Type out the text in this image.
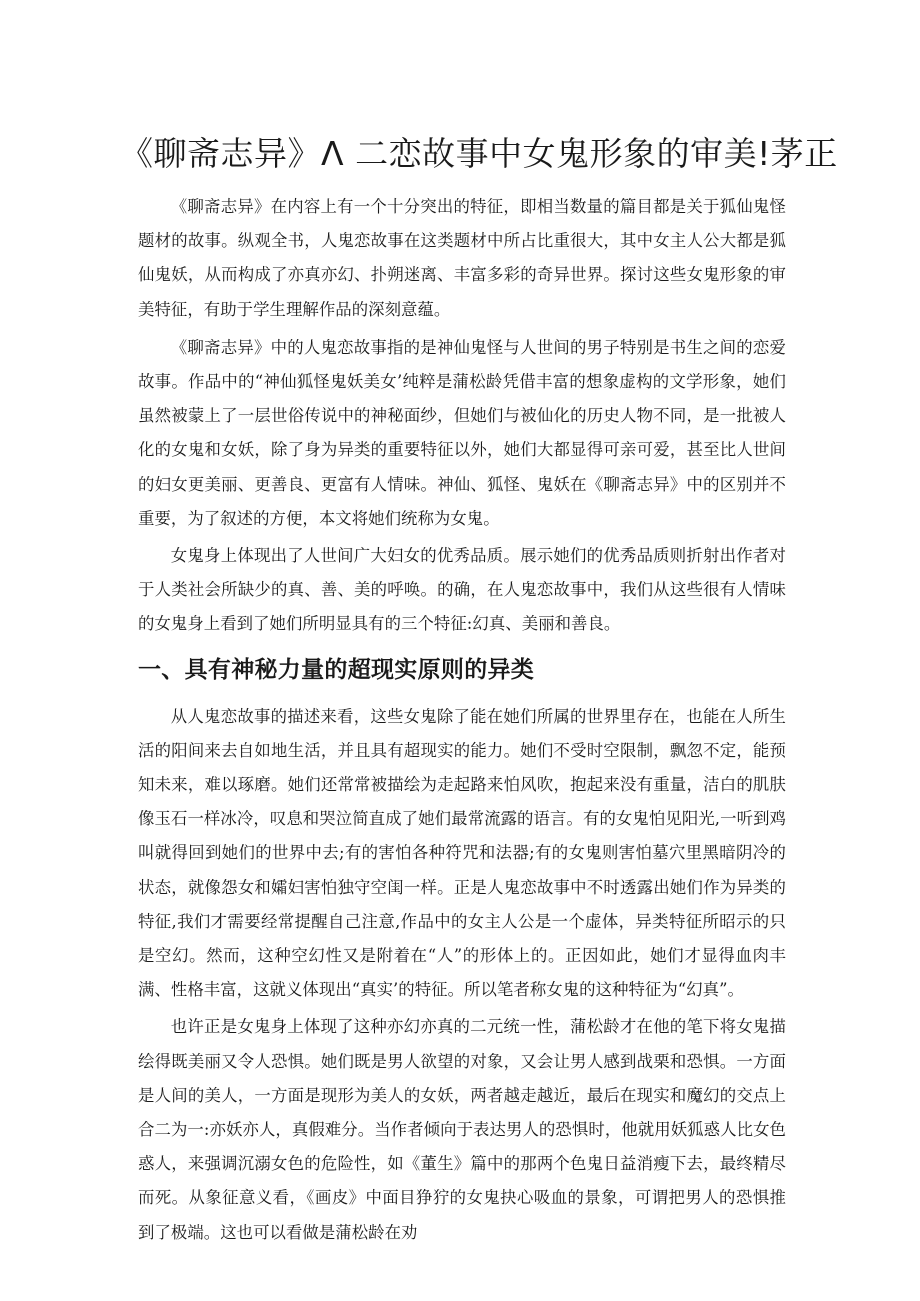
《聊斋志异》Λ 二恋故事中女鬼形象的审美!茅正

《聊斋志异》在内容上有一个十分突出的特征，即相当数量的篇目都是关于狐仙鬼怪题材的故事。纵观全书，人鬼恋故事在这类题材中所占比重很大，其中女主人公大都是狐仙鬼妖，从而构成了亦真亦幻、扑朔迷离、丰富多彩的奇异世界。探讨这些女鬼形象的审美特征，有助于学生理解作品的深刻意蕴。

《聊斋志异》中的人鬼恋故事指的是神仙鬼怪与人世间的男子特别是书生之间的恋爱故事。作品中的“神仙狐怪鬼妖美女’纯粹是蒲松龄凭借丰富的想象虚构的文学形象，她们虽然被蒙上了一层世俗传说中的神秘面纱，但她们与被仙化的历史人物不同，是一批被人化的女鬼和女妖，除了身为异类的重要特征以外，她们大都显得可亲可爱，甚至比人世间的妇女更美丽、更善良、更富有人情味。神仙、狐怪、鬼妖在《聊斋志异》中的区别并不重要，为了叙述的方便，本文将她们统称为女鬼。

女鬼身上体现出了人世间广大妇女的优秀品质。展示她们的优秀品质则折射出作者对于人类社会所缺少的真、善、美的呼唤。的确，在人鬼恋故事中，我们从这些很有人情味的女鬼身上看到了她们所明显具有的三个特征:幻真、美丽和善良。

一、具有神秘力量的超现实原则的异类

从人鬼恋故事的描述来看，这些女鬼除了能在她们所属的世界里存在，也能在人所生活的阳间来去自如地生活，并且具有超现实的能力。她们不受时空限制，飘忽不定，能预知未来，难以琢磨。她们还常常被描绘为走起路来怕风吹，抱起来没有重量，洁白的肌肤像玉石一样冰冷，叹息和哭泣简直成了她们最常流露的语言。有的女鬼怕见阳光,一听到鸡叫就得回到她们的世界中去;有的害怕各种符咒和法器;有的女鬼则害怕墓穴里黑暗阴冷的状态，就像怨女和孀妇害怕独守空闺一样。正是人鬼恋故事中不时透露出她们作为异类的特征,我们才需要经常提醒自己注意,作品中的女主人公是一个虚体，异类特征所昭示的只是空幻。然而，这种空幻性又是附着在“人”的形体上的。正因如此，她们才显得血肉丰满、性格丰富，这就义体现出“真实’的特征。所以笔者称女鬼的这种特征为“幻真”。

也许正是女鬼身上体现了这种亦幻亦真的二元统一性，蒲松龄才在他的笔下将女鬼描绘得既美丽又令人恐惧。她们既是男人欲望的对象，又会让男人感到战栗和恐惧。一方面是人间的美人，一方面是现形为美人的女妖，两者越走越近，最后在现实和魔幻的交点上合二为一:亦妖亦人，真假难分。当作者倾向于表达男人的恐惧时，他就用妖狐惑人比女色惑人，来强调沉溺女色的危险性，如《董生》篇中的那两个色鬼日益消瘦下去，最终精尽而死。从象征意义看，《画皮》中面目狰狞的女鬼抉心吸血的景象，可谓把男人的恐惧推到了极端。这也可以看做是蒲松龄在劝
